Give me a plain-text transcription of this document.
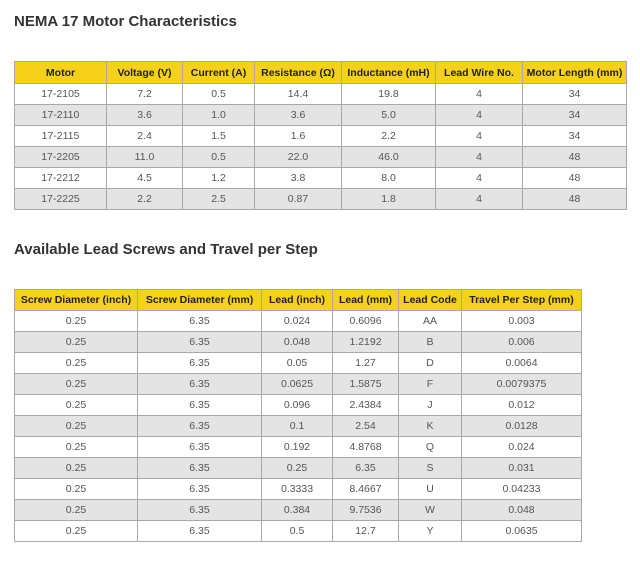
NEMA 17 Motor Characteristics
Motor	Voltage (V)	Current (A)	Resistance (Ω)	Inductance (mH)	Lead Wire No.	Motor Length (mm)
17-2105	7.2	0.5	14.4	19.8	4	34
17-2110	3.6	1.0	3.6	5.0	4	34
17-2115	2.4	1.5	1.6	2.2	4	34
17-2205	11.0	0.5	22.0	46.0	4	48
17-2212	4.5	1.2	3.8	8.0	4	48
17-2225	2.2	2.5	0.87	1.8	4	48
Available Lead Screws and Travel per Step
Screw Diameter (inch)	Screw Diameter (mm)	Lead (inch)	Lead (mm)	Lead Code	Travel Per Step (mm)
0.25	6.35	0.024	0.6096	AA	0.003
0.25	6.35	0.048	1.2192	B	0.006
0.25	6.35	0.05	1.27	D	0.0064
0.25	6.35	0.0625	1.5875	F	0.0079375
0.25	6.35	0.096	2.4384	J	0.012
0.25	6.35	0.1	2.54	K	0.0128
0.25	6.35	0.192	4.8768	Q	0.024
0.25	6.35	0.25	6.35	S	0.031
0.25	6.35	0.3333	8.4667	U	0.04233
0.25	6.35	0.384	9.7536	W	0.048
0.25	6.35	0.5	12.7	Y	0.0635
